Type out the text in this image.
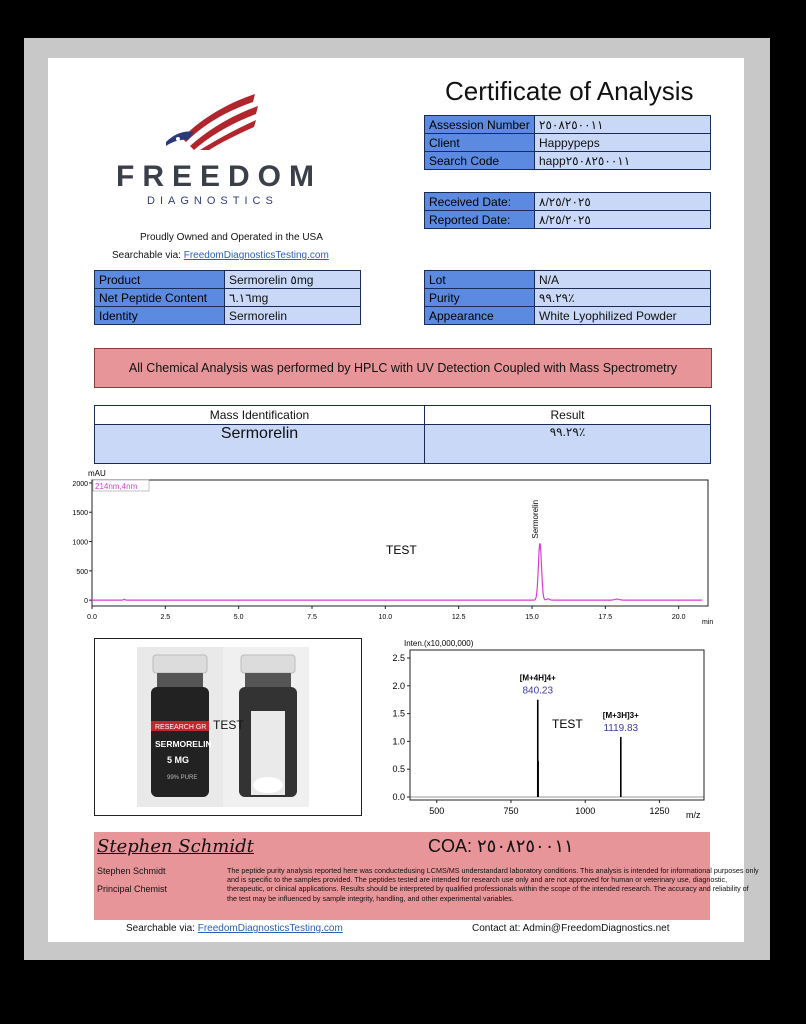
FREEDOM
DIAGNOSTICS
Proudly Owned and Operated in the USA
Searchable via: FreedomDiagnosticsTesting.com
Certificate of Analysis
Assession Number	٢٥٠٨٢٥٠٠١١
Client	Happypeps
Search Code	happ٢٥٠٨٢٥٠٠١١
Received Date:	٨/٢٥/٢٠٢٥
Reported Date:	٨/٢٥/٢٠٢٥
Product	Sermorelin ٥mg
Net Peptide Content	٦.١٦mg
Identity	Sermorelin
Lot	N/A
Purity	٩٩.٢٩٪
Appearance	White Lyophilized Powder
All Chemical Analysis was performed by HPLC with UV Detection Coupled with Mass Spectrometry
Mass Identification	Result
Sermorelin	٩٩.٢٩٪
mAU
214nm,4nm
TEST
min
0.0	2.5	5.0	7.5	10.0	12.5	15.0	17.5	20.0
2000
1500
1000
500
0
Sermorelin
RESEARCH GR
SERMORELIN
5 MG
99% PURE
TEST
Inten.(x10,000,000)
m/z
TEST
500	750	1000	1250
0.0
0.5
1.0
1.5
2.0
2.5
[M+4H]4+
840.23
[M+3H]3+
1119.83
Stephen Schmidt	COA: ٢٥٠٨٢٥٠٠١١
Stephen Schmidt
Principal Chemist
The peptide purity analysis reported here was conductedusing LCMS/MS understandard laboratory conditions. This analysis is intended for informational purposes only and is specific to the samples provided. The peptides tested are intended for research use only and are not approved for human or veterinary use, diagnostic, therapeutic, or clinical applications. Results should be interpreted by qualified professionals within the scope of the intended research. The accuracy and reliability of the test may be influenced by sample integrity, handling, and other experimental variables.
Searchable via: FreedomDiagnosticsTesting.com	Contact at: Admin@FreedomDiagnostics.net
